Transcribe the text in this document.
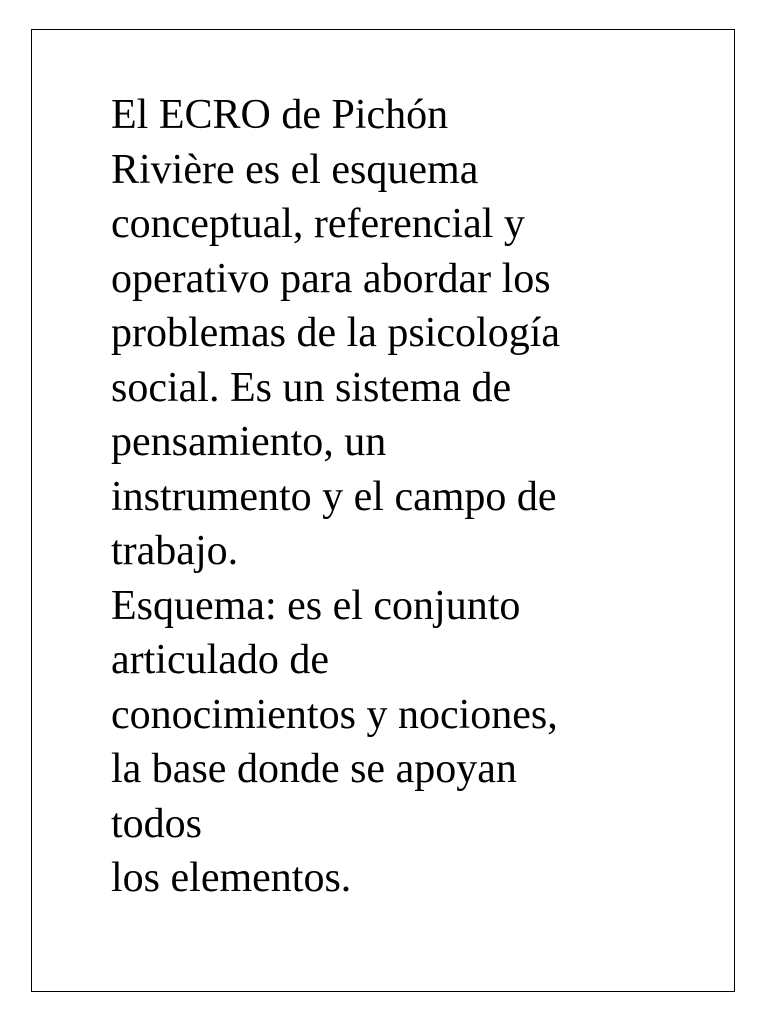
El ECRO de Pichón
Rivière es el esquema
conceptual, referencial y
operativo para abordar los
problemas de la psicología
social. Es un sistema de
pensamiento, un
instrumento y el campo de
trabajo.
Esquema: es el conjunto
articulado de
conocimientos y nociones,
la base donde se apoyan
todos
los elementos.
